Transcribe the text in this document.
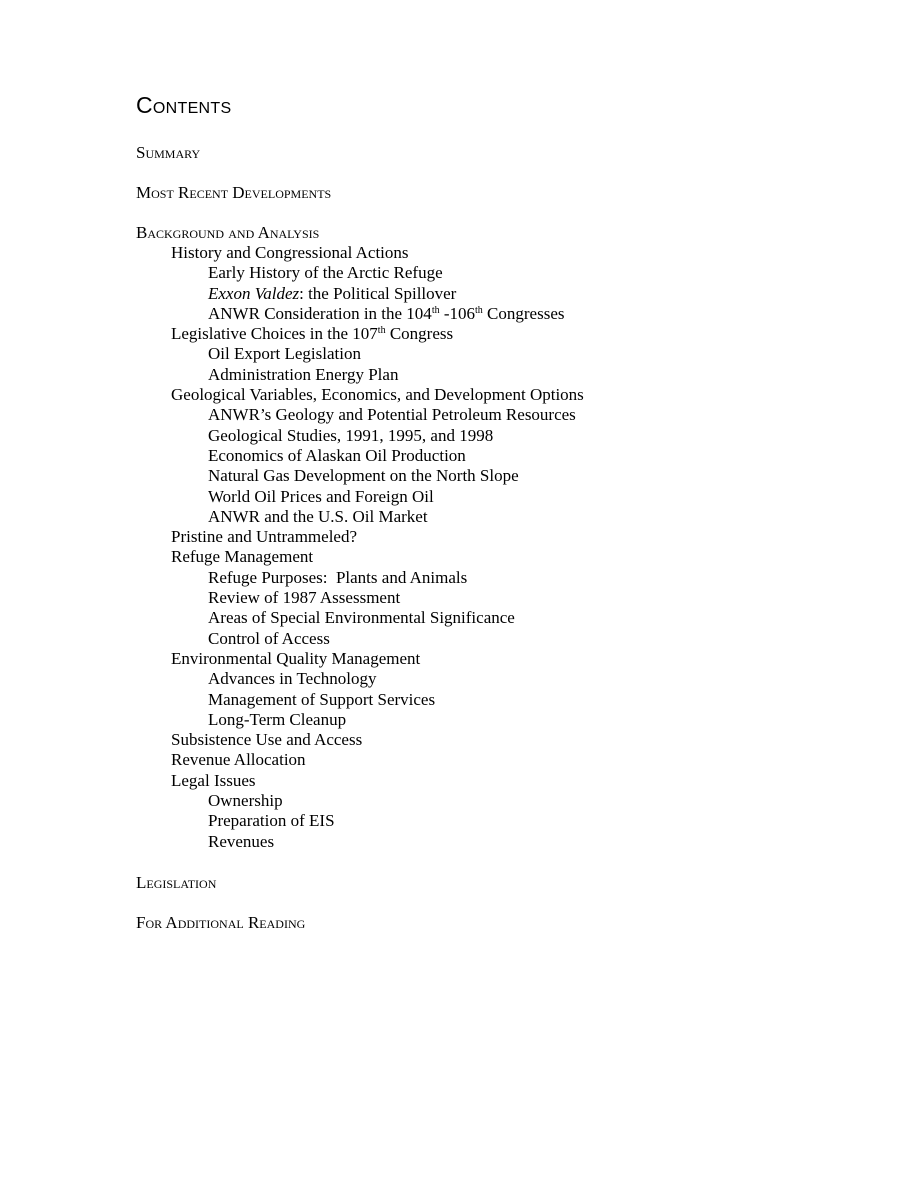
Contents
Summary
Most Recent Developments
Background and Analysis
History and Congressional Actions
Early History of the Arctic Refuge
Exxon Valdez: the Political Spillover
ANWR Consideration in the 104th -106th Congresses
Legislative Choices in the 107th Congress
Oil Export Legislation
Administration Energy Plan
Geological Variables, Economics, and Development Options
ANWR’s Geology and Potential Petroleum Resources
Geological Studies, 1991, 1995, and 1998
Economics of Alaskan Oil Production
Natural Gas Development on the North Slope
World Oil Prices and Foreign Oil
ANWR and the U.S. Oil Market
Pristine and Untrammeled?
Refuge Management
Refuge Purposes:  Plants and Animals
Review of 1987 Assessment
Areas of Special Environmental Significance
Control of Access
Environmental Quality Management
Advances in Technology
Management of Support Services
Long-Term Cleanup
Subsistence Use and Access
Revenue Allocation
Legal Issues
Ownership
Preparation of EIS
Revenues
Legislation
For Additional Reading
